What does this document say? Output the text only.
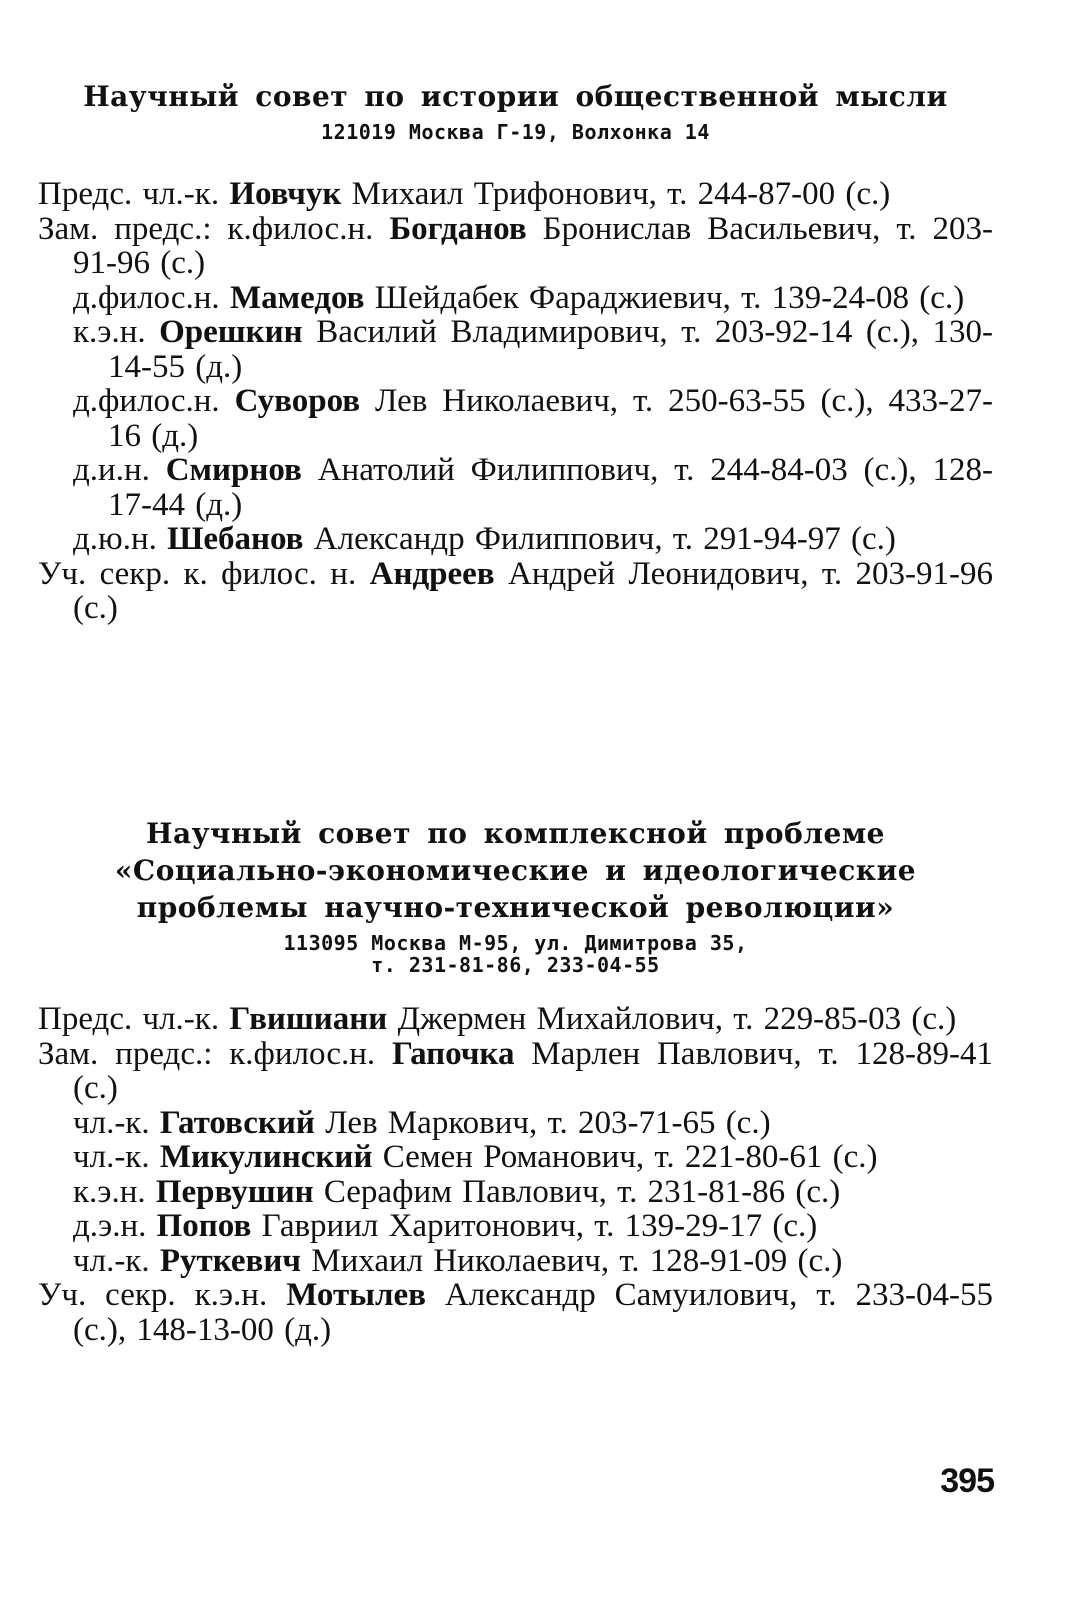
Научный совет по истории общественной мысли
121019 Москва Г-19, Волхонка 14
Предс. чл.-к. Иовчук Михаил Трифонович, т. 244-87-00 (с.)
Зам. предс.: к.филос.н. Богданов Бронислав Васильевич, т. 203-91-96 (с.)
д.филос.н. Мамедов Шейдабек Фараджиевич, т. 139-24-08 (с.)
к.э.н. Орешкин Василий Владимирович, т. 203-92-14 (с.), 130-14-55 (д.)
д.филос.н. Суворов Лев Николаевич, т. 250-63-55 (с.), 433-27-16 (д.)
д.и.н. Смирнов Анатолий Филиппович, т. 244-84-03 (с.), 128-17-44 (д.)
д.ю.н. Шебанов Александр Филиппович, т. 291-94-97 (с.)
Уч. секр. к. филос. н. Андреев Андрей Леонидович, т. 203-91-96 (с.)
Научный совет по комплексной проблеме «Социально-экономические и идеологические проблемы научно-технической революции»
113095 Москва М-95, ул. Димитрова 35,
т. 231-81-86, 233-04-55
Предс. чл.-к. Гвишиани Джермен Михайлович, т. 229-85-03 (с.)
Зам. предс.: к.филос.н. Гапочка Марлен Павлович, т. 128-89-41 (с.)
чл.-к. Гатовский Лев Маркович, т. 203-71-65 (с.)
чл.-к. Микулинский Семен Романович, т. 221-80-61 (с.)
к.э.н. Первушин Серафим Павлович, т. 231-81-86 (с.)
д.э.н. Попов Гавриил Харитонович, т. 139-29-17 (с.)
чл.-к. Руткевич Михаил Николаевич, т. 128-91-09 (с.)
Уч. секр. к.э.н. Мотылев Александр Самуилович, т. 233-04-55 (с.), 148-13-00 (д.)
395
